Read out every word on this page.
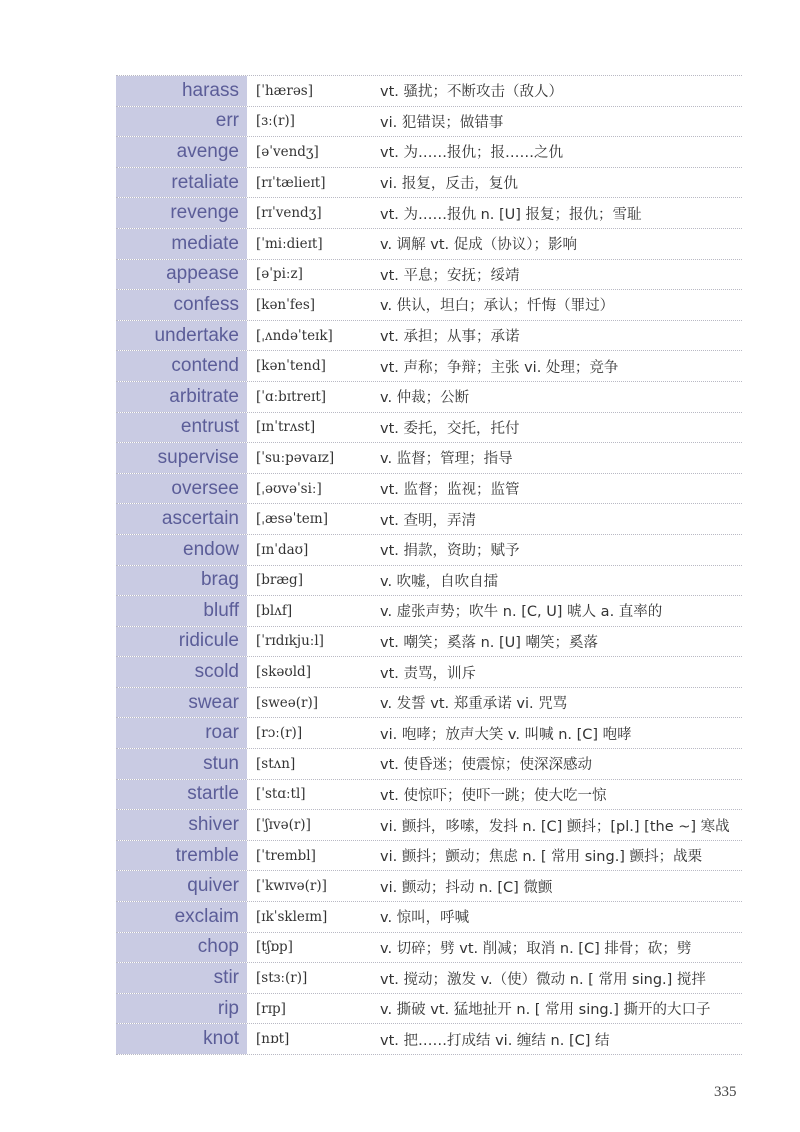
harass	[ˈhærəs]	vt. 骚扰；不断攻击（敌人）
err	[ɜː(r)]	vi. 犯错误；做错事
avenge	[əˈvendʒ]	vt. 为……报仇；报……之仇
retaliate	[rɪˈtælieɪt]	vi. 报复，反击，复仇
revenge	[rɪˈvendʒ]	vt. 为……报仇 n. [U] 报复；报仇；雪耻
mediate	[ˈmiːdieɪt]	v. 调解 vt. 促成（协议）；影响
appease	[əˈpiːz]	vt. 平息；安抚；绥靖
confess	[kənˈfes]	v. 供认，坦白；承认；忏悔（罪过）
undertake	[ˌʌndəˈteɪk]	vt. 承担；从事；承诺
contend	[kənˈtend]	vt. 声称；争辩；主张 vi. 处理；竞争
arbitrate	[ˈɑːbɪtreɪt]	v. 仲裁；公断
entrust	[ɪnˈtrʌst]	vt. 委托，交托，托付
supervise	[ˈsuːpəvaɪz]	v. 监督；管理；指导
oversee	[ˌəʊvəˈsiː]	vt. 监督；监视；监管
ascertain	[ˌæsəˈteɪn]	vt. 查明，弄清
endow	[ɪnˈdaʊ]	vt. 捐款，资助；赋予
brag	[bræg]	v. 吹嘘，自吹自擂
bluff	[blʌf]	v. 虚张声势；吹牛 n. [C, U] 唬人 a. 直率的
ridicule	[ˈrɪdɪkjuːl]	vt. 嘲笑；奚落 n. [U] 嘲笑；奚落
scold	[skəʊld]	vt. 责骂，训斥
swear	[sweə(r)]	v. 发誓 vt. 郑重承诺 vi. 咒骂
roar	[rɔː(r)]	vi. 咆哮；放声大笑 v. 叫喊 n. [C] 咆哮
stun	[stʌn]	vt. 使昏迷；使震惊；使深深感动
startle	[ˈstɑːtl]	vt. 使惊吓；使吓一跳；使大吃一惊
shiver	[ˈʃɪvə(r)]	vi. 颤抖，哆嗦，发抖 n. [C] 颤抖；[pl.] [the ~] 寒战
tremble	[ˈtrembl]	vi. 颤抖；颤动；焦虑 n. [ 常用 sing.] 颤抖；战栗
quiver	[ˈkwɪvə(r)]	vi. 颤动；抖动 n. [C] 微颤
exclaim	[ɪkˈskleɪm]	v. 惊叫，呼喊
chop	[tʃɒp]	v. 切碎；劈 vt. 削减；取消 n. [C] 排骨；砍；劈
stir	[stɜː(r)]	vt. 搅动；激发 v.（使）微动 n. [ 常用 sing.] 搅拌
rip	[rɪp]	v. 撕破 vt. 猛地扯开 n. [ 常用 sing.] 撕开的大口子
knot	[nɒt]	vt. 把……打成结 vi. 缠结 n. [C] 结
335
